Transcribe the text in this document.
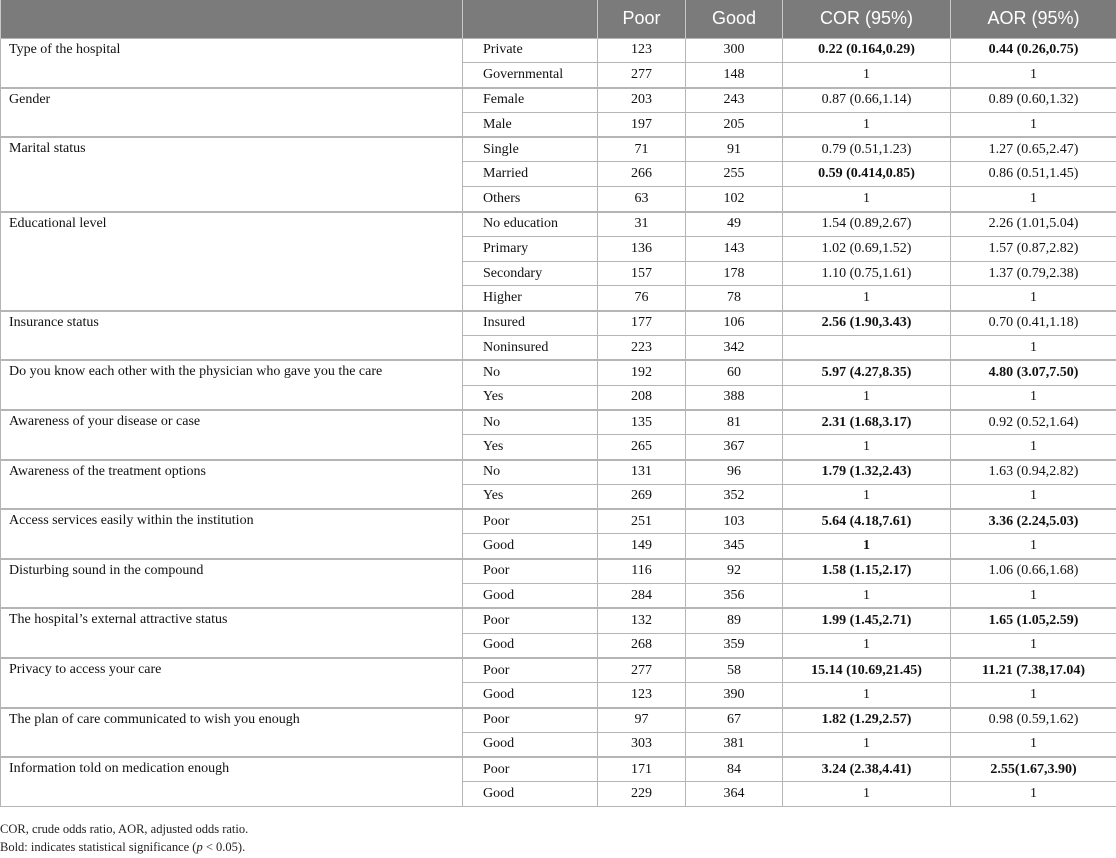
		Poor	Good	COR (95%)	AOR (95%)
Type of the hospital	Private	123	300	0.22 (0.164,0.29)	0.44 (0.26,0.75)
	Governmental	277	148	1	1
Gender	Female	203	243	0.87 (0.66,1.14)	0.89 (0.60,1.32)
	Male	197	205	1	1
Marital status	Single	71	91	0.79 (0.51,1.23)	1.27 (0.65,2.47)
	Married	266	255	0.59 (0.414,0.85)	0.86 (0.51,1.45)
	Others	63	102	1	1
Educational level	No education	31	49	1.54 (0.89,2.67)	2.26 (1.01,5.04)
	Primary	136	143	1.02 (0.69,1.52)	1.57 (0.87,2.82)
	Secondary	157	178	1.10 (0.75,1.61)	1.37 (0.79,2.38)
	Higher	76	78	1	1
Insurance status	Insured	177	106	2.56 (1.90,3.43)	0.70 (0.41,1.18)
	Noninsured	223	342		1
Do you know each other with the physician who gave you the care	No	192	60	5.97 (4.27,8.35)	4.80 (3.07,7.50)
	Yes	208	388	1	1
Awareness of your disease or case	No	135	81	2.31 (1.68,3.17)	0.92 (0.52,1.64)
	Yes	265	367	1	1
Awareness of the treatment options	No	131	96	1.79 (1.32,2.43)	1.63 (0.94,2.82)
	Yes	269	352	1	1
Access services easily within the institution	Poor	251	103	5.64 (4.18,7.61)	3.36 (2.24,5.03)
	Good	149	345	1	1
Disturbing sound in the compound	Poor	116	92	1.58 (1.15,2.17)	1.06 (0.66,1.68)
	Good	284	356	1	1
The hospital’s external attractive status	Poor	132	89	1.99 (1.45,2.71)	1.65 (1.05,2.59)
	Good	268	359	1	1
Privacy to access your care	Poor	277	58	15.14 (10.69,21.45)	11.21 (7.38,17.04)
	Good	123	390	1	1
The plan of care communicated to wish you enough	Poor	97	67	1.82 (1.29,2.57)	0.98 (0.59,1.62)
	Good	303	381	1	1
Information told on medication enough	Poor	171	84	3.24 (2.38,4.41)	2.55(1.67,3.90)
	Good	229	364	1	1

COR, crude odds ratio, AOR, adjusted odds ratio.

Bold: indicates statistical significance (p < 0.05).
